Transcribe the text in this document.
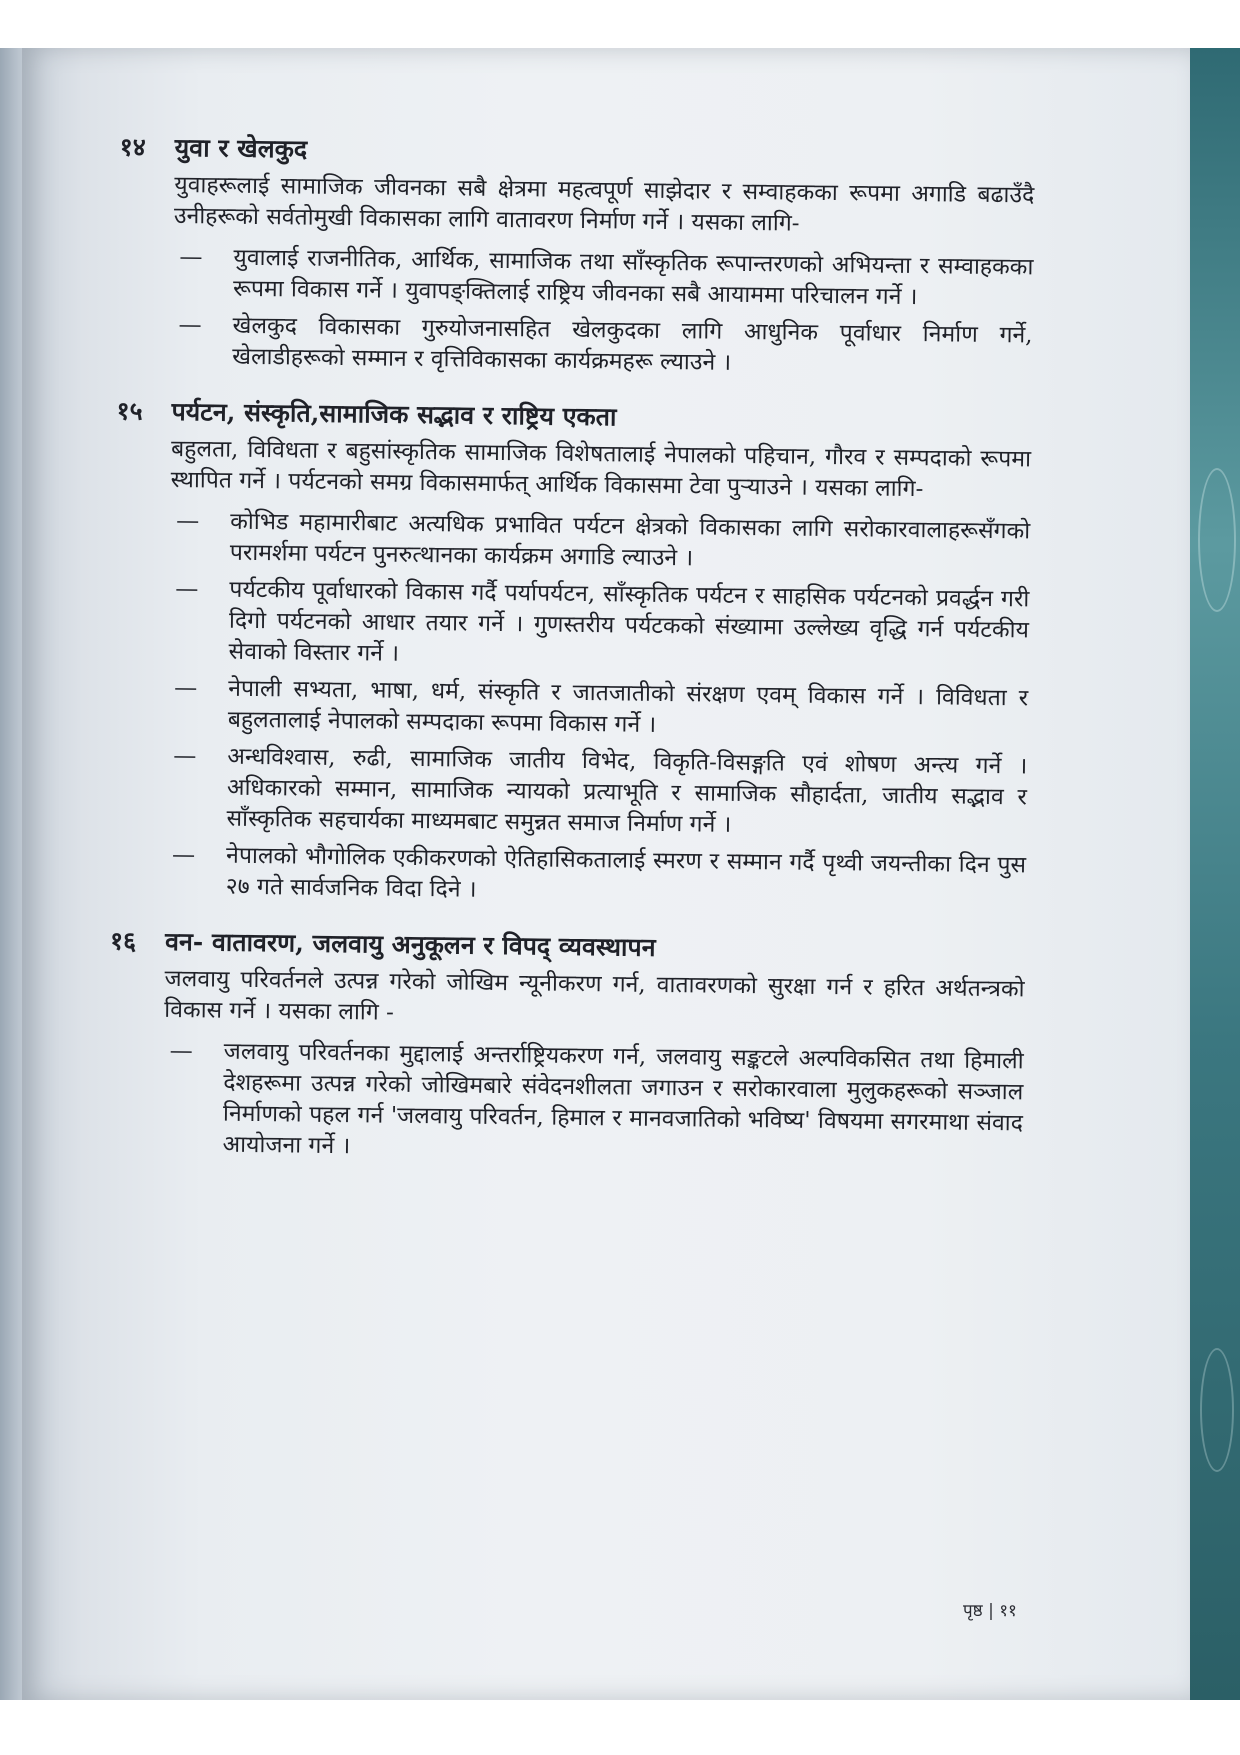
१४	युवा र खेलकुद

युवाहरूलाई सामाजिक जीवनका सबै क्षेत्रमा महत्वपूर्ण साझेदार र सम्वाहकका रूपमा अगाडि बढाउँदै उनीहरूको सर्वतोमुखी विकासका लागि वातावरण निर्माण गर्ने । यसका लागि-

—	युवालाई राजनीतिक, आर्थिक, सामाजिक तथा साँस्कृतिक रूपान्तरणको अभियन्ता र सम्वाहकका रूपमा विकास गर्ने । युवापङ्क्तिलाई राष्ट्रिय जीवनका सबै आयाममा परिचालन गर्ने ।
—	खेलकुद विकासका गुरुयोजनासहित खेलकुदका लागि आधुनिक पूर्वाधार निर्माण गर्ने, खेलाडीहरूको सम्मान र वृत्तिविकासका कार्यक्रमहरू ल्याउने ।
१५	पर्यटन, संस्कृति,सामाजिक सद्भाव र राष्ट्रिय एकता

बहुलता, विविधता र बहुसांस्कृतिक सामाजिक विशेषतालाई नेपालको पहिचान, गौरव र सम्पदाको रूपमा स्थापित गर्ने । पर्यटनको समग्र विकासमार्फत् आर्थिक विकासमा टेवा पुऱ्याउने । यसका लागि-

—	कोभिड महामारीबाट अत्यधिक प्रभावित पर्यटन क्षेत्रको विकासका लागि सरोकारवालाहरूसँगको परामर्शमा पर्यटन पुनरुत्थानका कार्यक्रम अगाडि ल्याउने ।
—	पर्यटकीय पूर्वाधारको विकास गर्दै पर्यापर्यटन, साँस्कृतिक पर्यटन र साहसिक पर्यटनको प्रवर्द्धन गरी दिगो पर्यटनको आधार तयार गर्ने । गुणस्तरीय पर्यटकको संख्यामा उल्लेख्य वृद्धि गर्न पर्यटकीय सेवाको विस्तार गर्ने ।
—	नेपाली सभ्यता, भाषा, धर्म, संस्कृति र जातजातीको संरक्षण एवम् विकास गर्ने । विविधता र बहुलतालाई नेपालको सम्पदाका रूपमा विकास गर्ने ।
—	अन्धविश्वास, रुढी, सामाजिक जातीय विभेद, विकृति-विसङ्गति एवं शोषण अन्त्य गर्ने । अधिकारको सम्मान, सामाजिक न्यायको प्रत्याभूति र सामाजिक सौहार्दता, जातीय सद्भाव र साँस्कृतिक सहचार्यका माध्यमबाट समुन्नत समाज निर्माण गर्ने ।
—	नेपालको भौगोलिक एकीकरणको ऐतिहासिकतालाई स्मरण र सम्मान गर्दै पृथ्वी जयन्तीका दिन पुस २७ गते सार्वजनिक विदा दिने ।
१६	वन- वातावरण, जलवायु अनुकूलन र विपद् व्यवस्थापन

जलवायु परिवर्तनले उत्पन्न गरेको जोखिम न्यूनीकरण गर्न, वातावरणको सुरक्षा गर्न र हरित अर्थतन्त्रको विकास गर्ने । यसका लागि -

—	जलवायु परिवर्तनका मुद्दालाई अन्तर्राष्ट्रियकरण गर्न, जलवायु सङ्कटले अल्पविकसित तथा हिमाली देशहरूमा उत्पन्न गरेको जोखिमबारे संवेदनशीलता जगाउन र सरोकारवाला मुलुकहरूको सञ्जाल निर्माणको पहल गर्न 'जलवायु परिवर्तन, हिमाल र मानवजातिको भविष्य' विषयमा सगरमाथा संवाद आयोजना गर्ने ।
पृष्ठ | ११
